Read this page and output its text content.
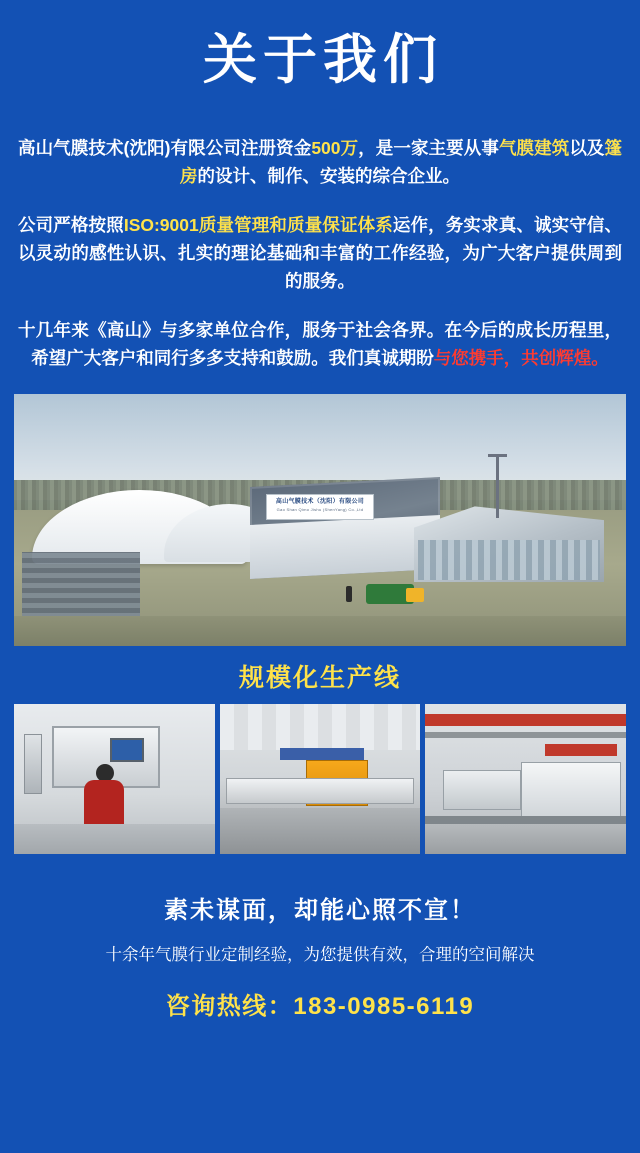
关于我们

高山气膜技术(沈阳)有限公司注册资金500万，是一家主要从事气膜建筑以及篷房的设计、制作、安装的综合企业。

公司严格按照ISO:9001质量管理和质量保证体系运作，务实求真、诚实守信、以灵动的感性认识、扎实的理论基础和丰富的工作经验，为广大客户提供周到的服务。

十几年来《高山》与多家单位合作，服务于社会各界。在今后的成长历程里，希望广大客户和同行多多支持和鼓励。我们真诚期盼与您携手，共创辉煌。

高山气膜技术（沈阳）有限公司
Gao Shan Qimo Jishu (ShenYang) Co.,Ltd
规模化生产线
素未谋面，却能心照不宣！
十余年气膜行业定制经验，为您提供有效，合理的空间解决
咨询热线：183-0985-6119
